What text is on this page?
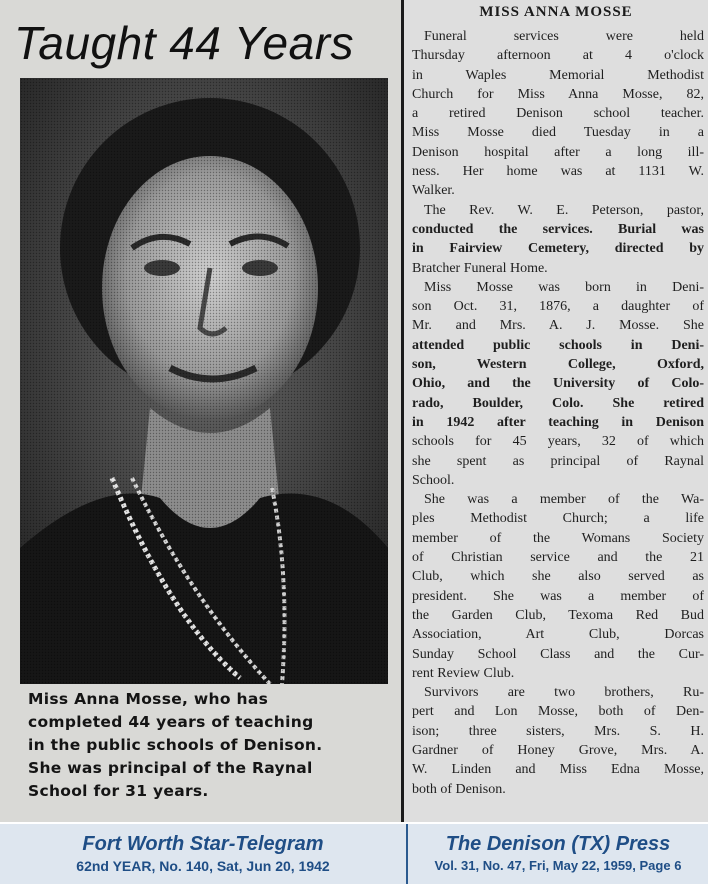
Taught 44 Years
Miss Anna Mosse, who has
completed 44 years of teaching
in the public schools of Denison.
She was principal of the Raynal
School for 31 years.
MISS ANNA MOSSE
Funeral services were held
Thursday afternoon at 4 o'clock
in Waples Memorial Methodist
Church for Miss Anna Mosse, 82,
a retired Denison school teacher.
Miss Mosse died Tuesday in a
Denison hospital after a long ill-
ness. Her home was at 1131 W.
Walker.
The Rev. W. E. Peterson, pastor,
conducted the services. Burial was
in Fairview Cemetery, directed by
Bratcher Funeral Home.
Miss Mosse was born in Deni-
son Oct. 31, 1876, a daughter of
Mr. and Mrs. A. J. Mosse. She
attended public schools in Deni-
son, Western College, Oxford,
Ohio, and the University of Colo-
rado, Boulder, Colo. She retired
in 1942 after teaching in Denison
schools for 45 years, 32 of which
she spent as principal of Raynal
School.
She was a member of the Wa-
ples Methodist Church; a life
member of the Womans Society
of Christian service and the 21
Club, which she also served as
president. She was a member of
the Garden Club, Texoma Red Bud
Association, Art Club, Dorcas
Sunday School Class and the Cur-
rent Review Club.
Survivors are two brothers, Ru-
pert and Lon Mosse, both of Den-
ison; three sisters, Mrs. S. H.
Gardner of Honey Grove, Mrs. A.
W. Linden and Miss Edna Mosse,
both of Denison.
Fort Worth Star-Telegram
62nd YEAR, No. 140, Sat, Jun 20, 1942
The Denison (TX) Press
Vol. 31, No. 47, Fri, May 22, 1959, Page 6
